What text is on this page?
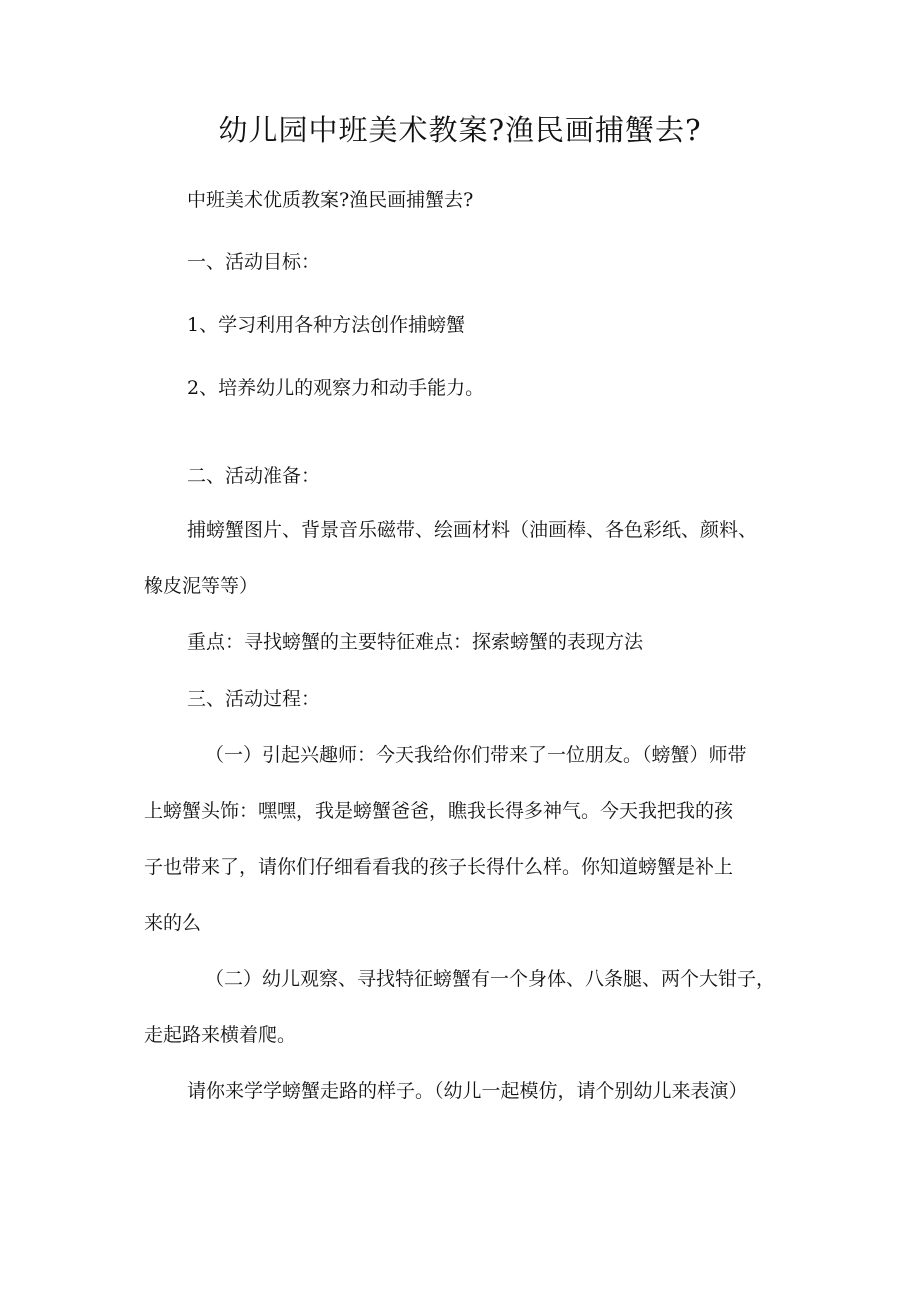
幼儿园中班美术教案?渔民画捕蟹去?

中班美术优质教案?渔民画捕蟹去?

一、活动目标：

1、学习利用各种方法创作捕螃蟹

2、培养幼儿的观察力和动手能力。

二、活动准备：

捕螃蟹图片、背景音乐磁带、绘画材料（油画棒、各色彩纸、颜料、

橡皮泥等等）

重点：寻找螃蟹的主要特征难点：探索螃蟹的表现方法

三、活动过程：

（一）引起兴趣师：今天我给你们带来了一位朋友。（螃蟹）师带

上螃蟹头饰：嘿嘿，我是螃蟹爸爸，瞧我长得多神气。今天我把我的孩

子也带来了，请你们仔细看看我的孩子长得什么样。你知道螃蟹是补上

来的么

（二）幼儿观察、寻找特征螃蟹有一个身体、八条腿、两个大钳子，

走起路来横着爬。

请你来学学螃蟹走路的样子。（幼儿一起模仿，请个别幼儿来表演）
